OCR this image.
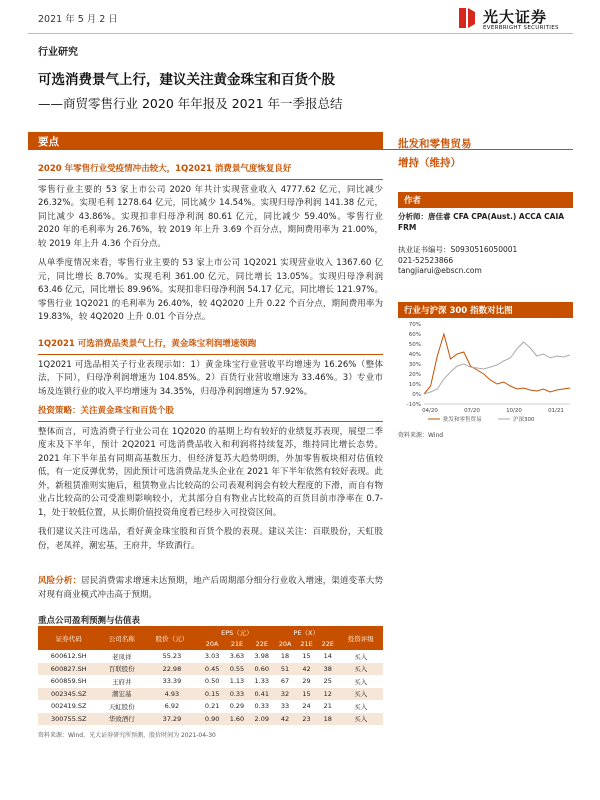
2021 年 5 月 2 日	光大证券
EVERBRIGHT SECURITIES
行业研究
可选消费景气上行，建议关注黄金珠宝和百货个股
——商贸零售行业 2020 年年报及 2021 年一季报总结
要点
2020 年零售行业受疫情冲击较大，1Q2021 消费景气度恢复良好

零售行业主要的 53 家上市公司 2020 年共计实现营业收入 4777.62 亿元，同比减少 26.32%。实现毛利 1278.64 亿元，同比减少 14.54%。实现归母净利润 141.38 亿元，同比减少 43.86%。实现扣非归母净利润 80.61 亿元，同比减少 59.40%。零售行业 2020 年的毛利率为 26.76%，较 2019 年上升 3.69 个百分点，期间费用率为 21.00%，较 2019 年上升 4.36 个百分点。

从单季度情况来看，零售行业主要的 53 家上市公司 1Q2021 实现营业收入 1367.60 亿元，同比增长 8.70%。实现毛利 361.00 亿元，同比增长 13.05%。实现归母净利润 63.46 亿元，同比增长 89.96%。实现扣非归母净利润 54.17 亿元，同比增长 121.97%。零售行业 1Q2021 的毛利率为 26.40%，较 4Q2020 上升 0.22 个百分点，期间费用率为 19.83%，较 4Q2020 上升 0.01 个百分点。

1Q2021 可选消费品类景气上行，黄金珠宝利润增速领跑

1Q2021 可选品相关子行业表现示如：1）黄金珠宝行业营收平均增速为 16.26%（整体法，下同），归母净利润增速为 104.85%。2）百货行业营收增速为 33.46%。3）专业市场及连锁行业的收入平均增速为 34.35%，归母净利润增速为 57.92%。

投资策略：关注黄金珠宝和百货个股

整体而言，可选消费子行业公司在 1Q2020 的基期上均有较好的业绩复苏表现，展望二季度末及下半年，预计 2Q2021 可选消费品收入和利润将持续复苏，维持同比增长态势。2021 年下半年虽有同期高基数压力，但经济复苏大趋势明朗，外加零售板块相对估值较低，有一定反弹优势，因此预计可选消费品龙头企业在 2021 年下半年依然有较好表现。此外，新租赁准则实施后，租赁物业占比较高的公司表观利润会有较大程度的下滑，而自有物业占比较高的公司受准则影响较小，尤其部分自有物业占比较高的百货目前市净率在 0.7-1，处于较低位置，从长期价值投资角度看已经步入可投资区间。

我们建议关注可选品，看好黄金珠宝股和百货个股的表现。建议关注：百联股份，天虹股份，老凤祥，潮宏基，王府井，华致酒行。

风险分析：居民消费需求增速未达预期，地产后周期部分细分行业收入增速，渠道变革大势对现有商业模式冲击高于预期。

批发和零售贸易
增持（维持）
作者
分析师：唐佳睿 CFA CPA(Aust.) ACCA CAIA FRM
执业证书编号：S0930516050001
021-52523866
tangjiarui@ebscn.com
行业与沪深 300 指数对比图
70%
60%
50%
40%
30%
20%
10%
0%
-10%
04/20	07/20	10/20	01/21
批发和零售贸易	沪深300
重点公司盈利预测与估值表
证券代码	公司名称	股价（元）	EPS（元）			PE（X）			投资评级
			20A	21E	22E	20A	21E	22E	
600612.SH	老凤祥	55.23	3.03	3.63	3.98	18	15	14	买入
600827.SH	百联股份	22.98	0.45	0.55	0.60	51	42	38	买入
600859.SH	王府井	33.39	0.50	1.13	1.33	67	29	25	买入
002345.SZ	潮宏基	4.93	0.15	0.33	0.41	32	15	12	买入
002419.SZ	天虹股份	6.92	0.21	0.29	0.33	33	24	21	买入
300755.SZ	华致酒行	37.29	0.90	1.60	2.09	42	23	18	买入
资料来源：Wind，光大证券研究所预测，股价时间为 2021-04-30
资料来源：Wind
